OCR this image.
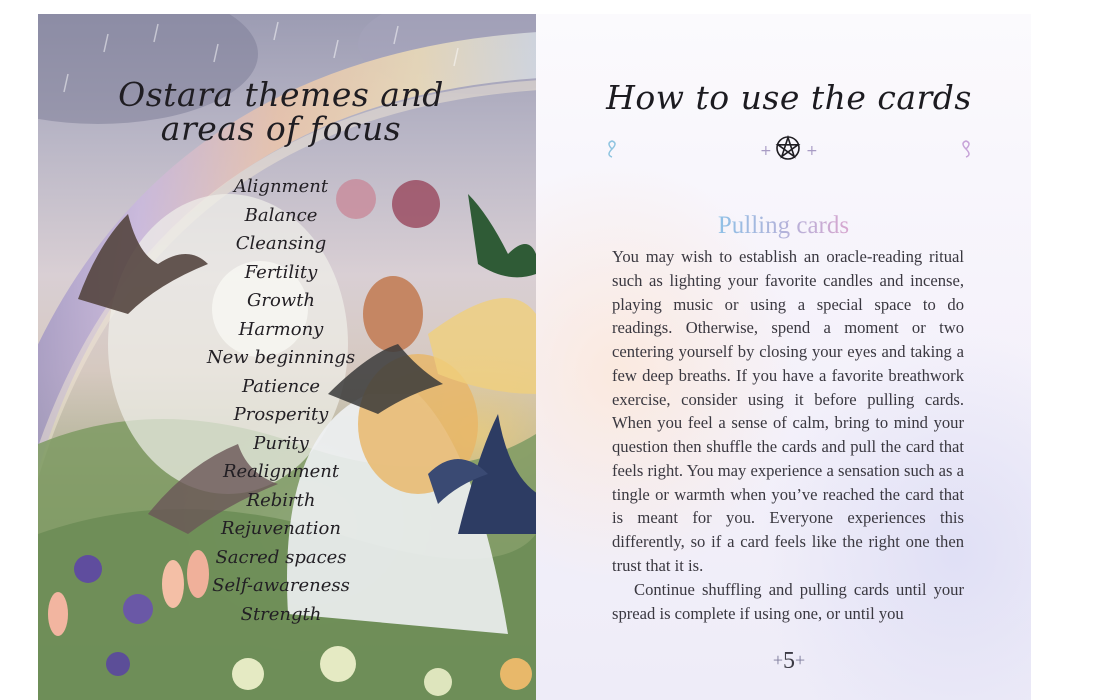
Ostara themes and
areas of focus
Alignment
Balance
Cleansing
Fertility
Growth
Harmony
New beginnings
Patience
Prosperity
Purity
Realignment
Rebirth
Rejuvenation
Sacred spaces
Self-awareness
Strength
How to use the cards
+ +
Pulling cards

You may wish to establish an oracle-reading ritual such as lighting your favorite candles and incense, playing music or using a special space to do readings. Otherwise, spend a moment or two centering yourself by closing your eyes and taking a few deep breaths. If you have a favorite breathwork exercise, consider using it before pulling cards. When you feel a sense of calm, bring to mind your question then shuffle the cards and pull the card that feels right. You may experience a sensation such as a tingle or warmth when you’ve reached the card that is meant for you. Everyone experiences this differently, so if a card feels like the right one then trust that it is.

Continue shuffling and pulling cards until your spread is complete if using one, or until you

+5+
